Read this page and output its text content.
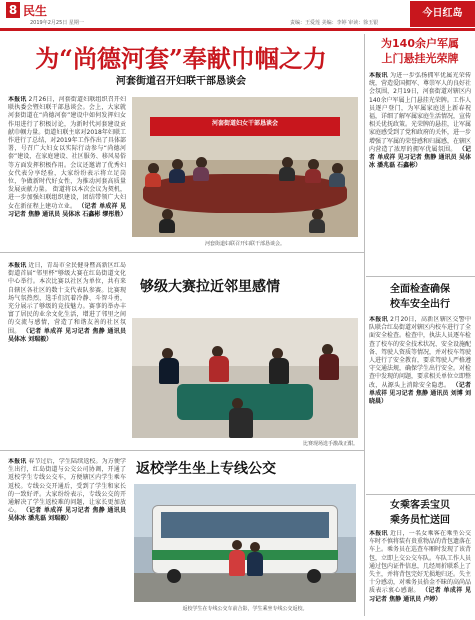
8 民生
2019年2月25日 星期一	责编：王爱莲 美编：李婷 审读：徐玉银
今日红岛
为“尚德河套”奉献巾帼之力
河套街道召开妇联干部恳谈会
本报讯 2月26日，河套街道妇联组织召开妇联执委会暨妇联干部恳谈会。会上，大家就河套街道在“尚德河套”建设中如何发挥妇女作用进行了积极讨论，为新时代河套建设贡献巾帼力量。街道妇联主席对2018年妇联工作进行了总结，对2019年工作作出了具体部署，号召广大妇女以实际行动参与“尚德河套”建设，在家庭建设、社区服务、移风易俗等方面发挥积极作用。会议还邀请了优秀妇女代表分享经验，大家纷纷表示将立足岗位，争做新时代好女性，为推动河套高质量发展贡献力量。 街道将以本次会议为契机，进一步加强妇联组织建设，团结带领广大妇女在新征程上建功立业。 （记者 单成祥 见习记者 焦静 通讯员 吴体冰 石鑫彬 缪彤胜）
河套街道妇女干部恳谈会
河套街道妇联召开妇联干部恳谈会。
为140余户军属
上门悬挂光荣牌
本报讯 为进一步弘扬拥军优属光荣传统，营造爱国拥军、尊崇军人的良好社会氛围，2月19日，河套街道对辖区内140余户军属上门悬挂光荣牌。工作人员逐户登门，为军属家庭送上新春祝福，详细了解军属家庭生活情况，宣传相关优抚政策。光荣牌的悬挂，让军属家庭感受到了党和政府的关怀，进一步增强了军属的荣誉感和归属感，在辖区内营造了浓厚的拥军优属氛围。 （记者 单成祥 见习记者 焦静 通讯员 吴体冰 潘兆磊 石鑫彬）
够级大赛拉近邻里感情
本报讯 近日，青岛市全民健身暨高新区红岛街道首届“邻里杯”够级大赛在红岛街道文化中心举行。本次比赛以社区为单位，共有来自辖区各社区的数十支代表队参赛。比赛现场气氛热烈，选手们沉着冷静、斗智斗勇，充分展示了够级的竞技魅力。赛事的举办丰富了居民的业余文化生活，增进了邻里之间的交流与感情，营造了和谐友善的社区氛围。 （记者 单成祥 见习记者 焦静 通讯员 吴体冰 刘瑞毅）
比赛现场选手激战正酣。
全面检查确保
校车安全出行
本报讯 2月20日，高新区辖区交警中队联合红岛街道对辖区内校车进行了全面安全检查。检查中，执法人员逐车检查了校车的安全技术状况、安全设施配备、驾驶人资质等情况，并对校车驾驶人进行了安全教育，要求驾驶人严格遵守交通法规，确保学生出行安全。对检查中发现的问题，要求相关单位立即整改，从源头上消除安全隐患。 （记者 单成祥 见习记者 焦静 通讯员 刘博 刘晓晨）
返校学生坐上专线公交
本报讯 春节过后，学生陆续返校。为方便学生出行，红岛街道与公交公司协调，开通了返校学生专线公交车，方便辖区内学生乘车返校。专线公交开通后，受到了学生和家长的一致好评。大家纷纷表示，专线公交的开通解决了学生返校难的问题，让家长更加放心。 （记者 单成祥 见习记者 焦静 通讯员 吴体冰 潘兆磊 刘瑞毅）
返校学生在专线公交车前合影，学生乘坐专线公交返校。
女乘客丢宝贝
乘务员忙送回
本报讯 近日，一名女乘客在乘坐公交车时不慎将装有贵重物品的背包遗落在车上。乘务员在巡查车厢时发现了该背包，立即上交公交车队。车队工作人员通过包内证件信息，几经周折联系上了失主，并将背包完好无损地归还。失主十分感动，对乘务员拾金不昧的高尚品质表示衷心感谢。 （记者 单成祥 见习记者 焦静 通讯员 卢婷）
